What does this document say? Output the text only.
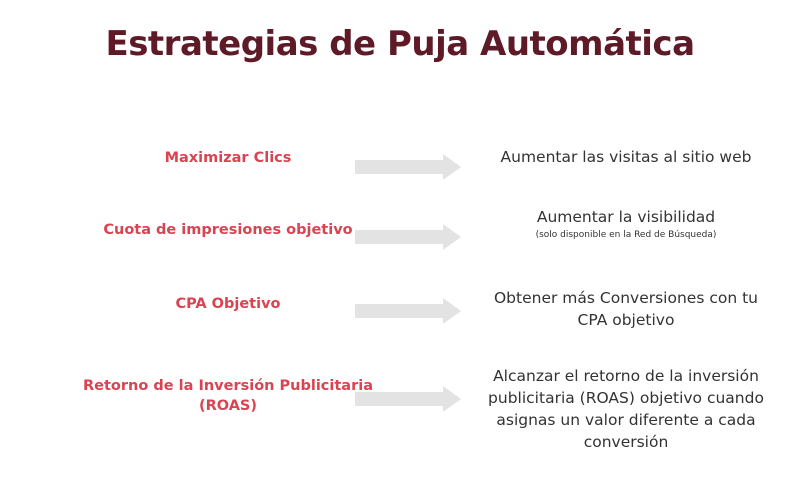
Estrategias de Puja Automática
Maximizar Clics	Aumentar las visitas al sitio web
Cuota de impresiones objetivo
Aumentar la visibilidad
(solo disponible en la Red de Búsqueda)
CPA Objetivo	Obtener más Conversiones con tu CPA objetivo
Retorno de la Inversión Publicitaria (ROAS)
Alcanzar el retorno de la inversión publicitaria (ROAS) objetivo cuando asignas un valor diferente a cada conversión
